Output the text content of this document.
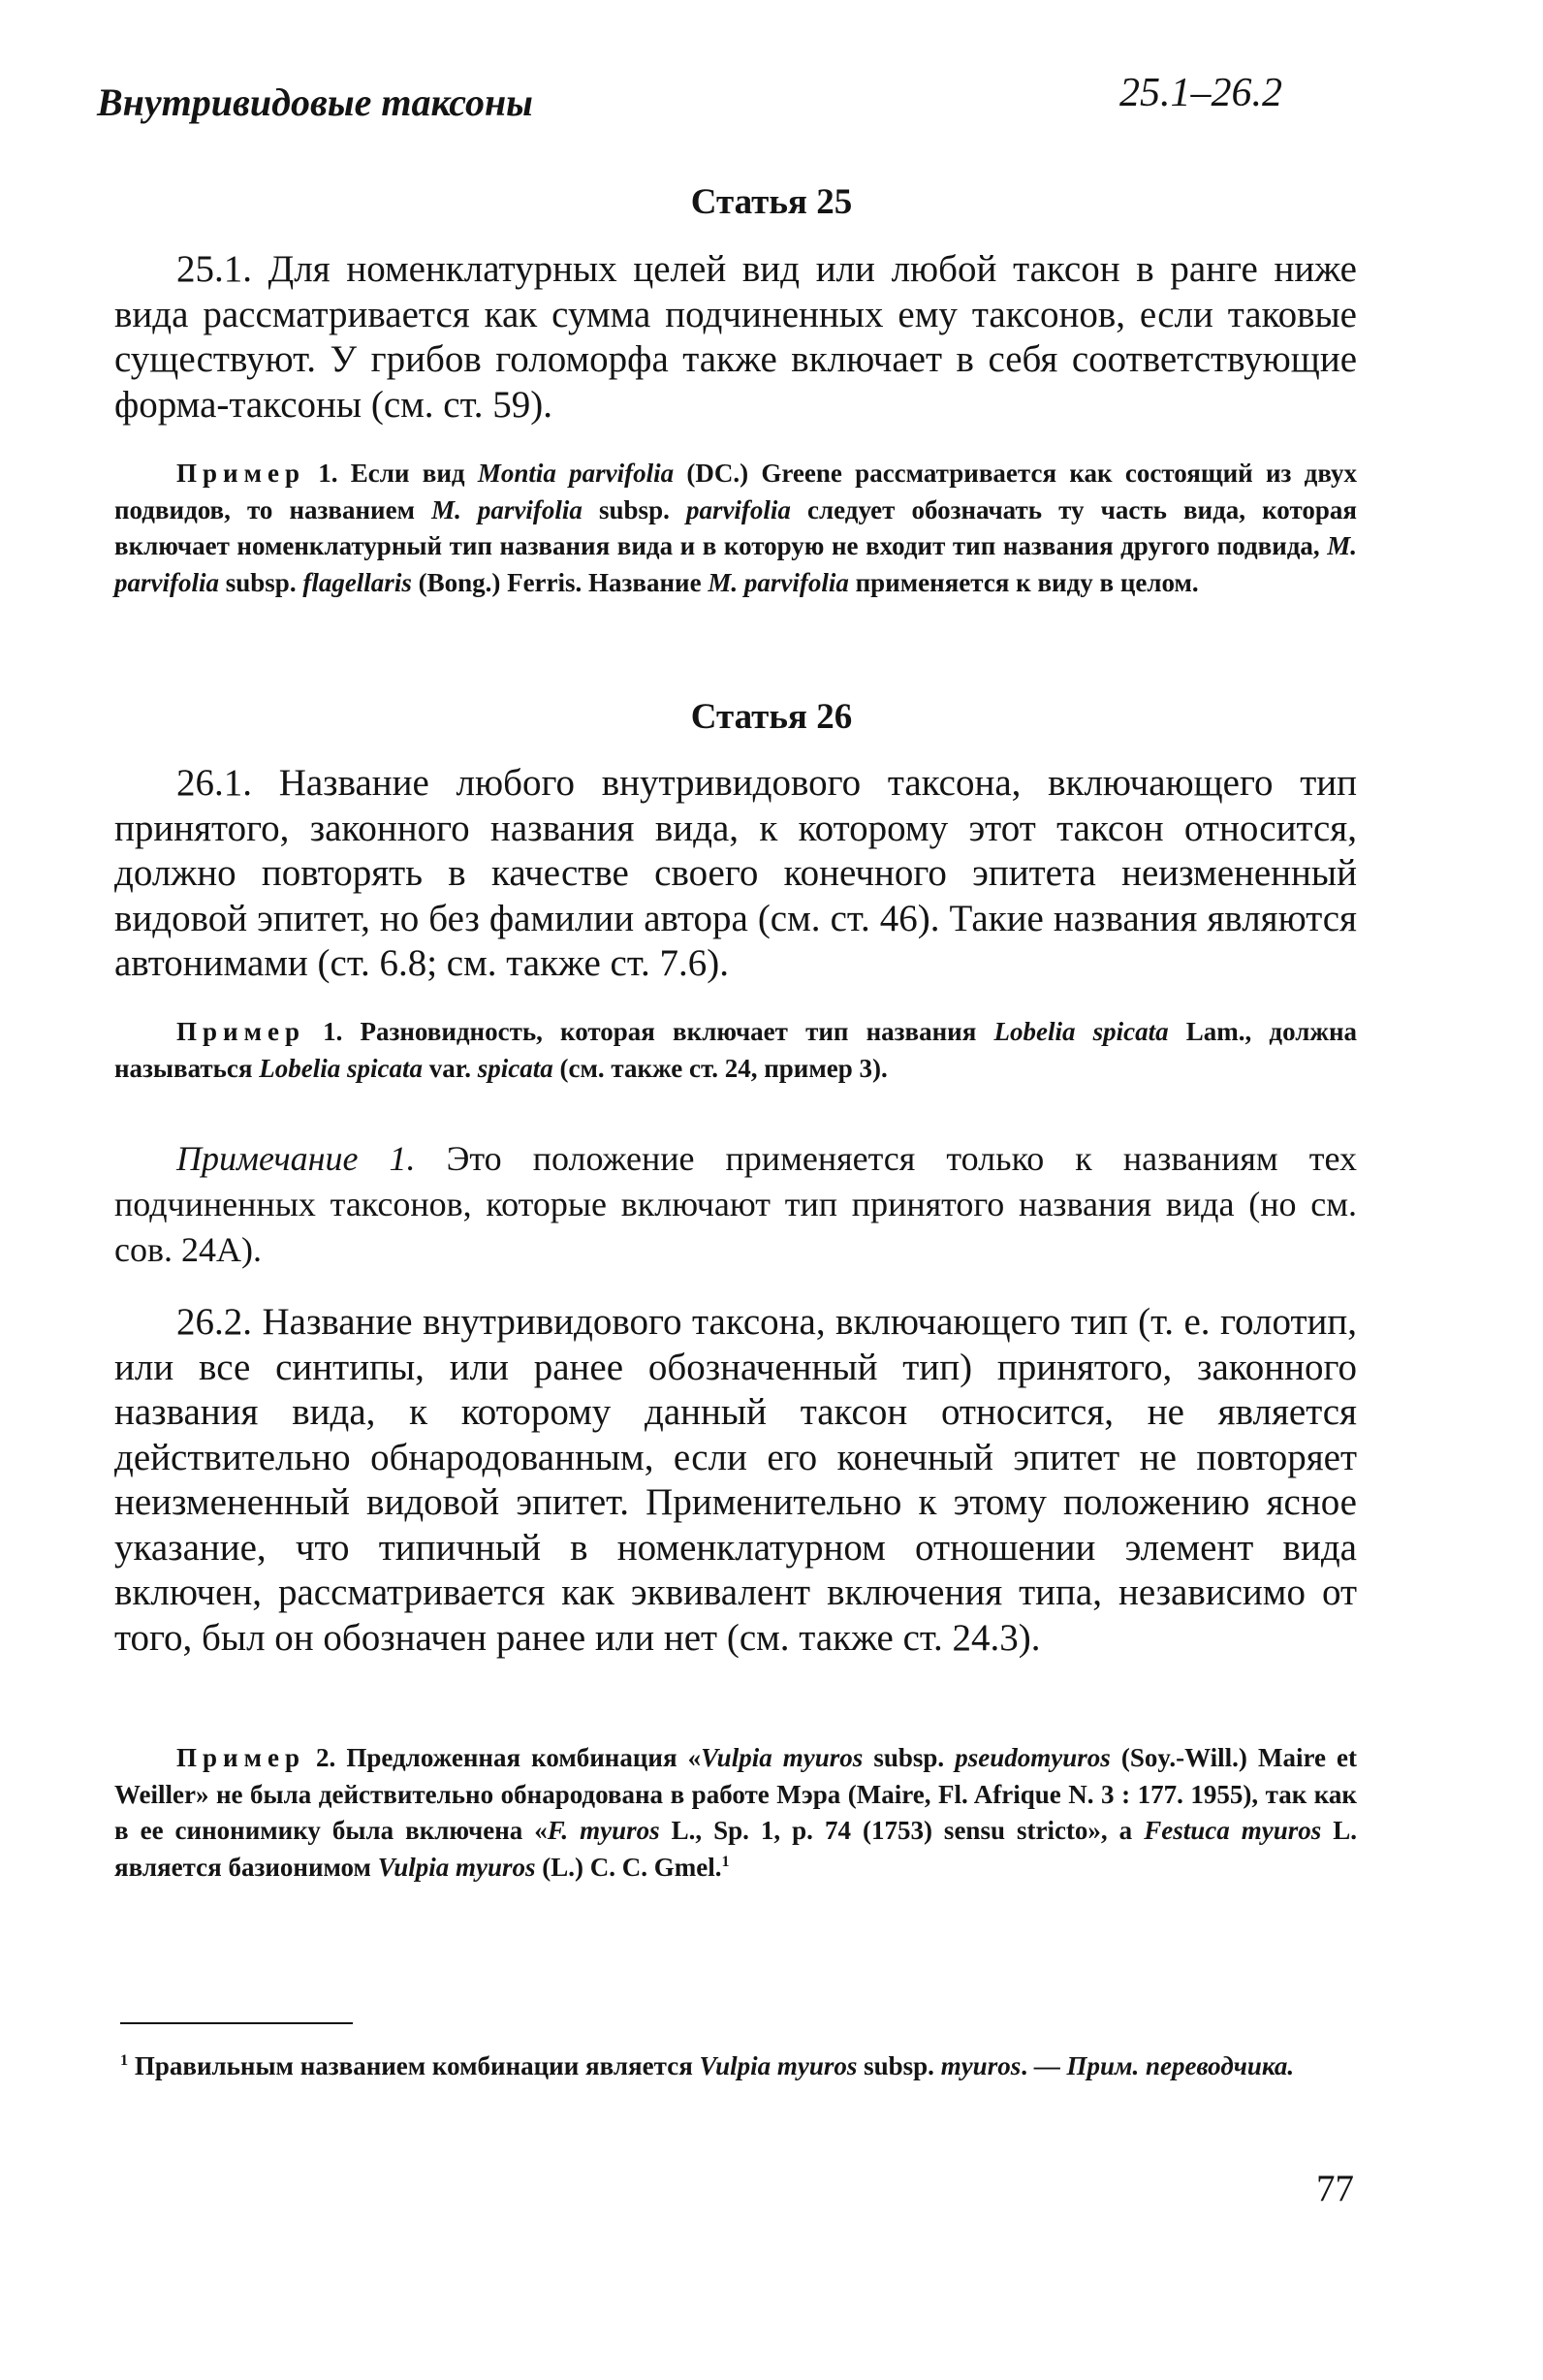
Внутривидовые таксоны	25.1–26.2
Статья 25

25.1. Для номенклатурных целей вид или любой таксон в ранге ниже вида рассматривается как сумма подчиненных ему таксонов, если таковые существуют. У грибов голоморфа также включает в себя соответствующие форма-таксоны (см. ст. 59).

Пример 1. Если вид Montia parvifolia (DC.) Greene рассматривается как состоящий из двух подвидов, то названием M. parvifolia subsp. parvifolia следует обозначать ту часть вида, которая включает номенклатурный тип названия вида и в которую не входит тип названия другого подвида, M. parvifolia subsp. flagellaris (Bong.) Ferris. Название M. parvifolia применяется к виду в целом.

Статья 26

26.1. Название любого внутривидового таксона, включающего тип принятого, законного названия вида, к которому этот таксон относится, должно повторять в качестве своего конечного эпитета неизмененный видовой эпитет, но без фамилии автора (см. ст. 46). Такие названия являются автонимами (ст. 6.8; см. также ст. 7.6).

Пример 1. Разновидность, которая включает тип названия Lobelia spicata Lam., должна называться Lobelia spicata var. spicata (см. также ст. 24, пример 3).

Примечание 1. Это положение применяется только к названиям тех подчиненных таксонов, которые включают тип принятого названия вида (но см. сов. 24А).

26.2. Название внутривидового таксона, включающего тип (т. е. голотип, или все синтипы, или ранее обозначенный тип) принятого, законного названия вида, к которому данный таксон относится, не является действительно обнародованным, если его конечный эпитет не повторяет неизмененный видовой эпитет. Применительно к этому положению ясное указание, что типичный в номенклатурном отношении элемент вида включен, рассматривается как эквивалент включения типа, независимо от того, был он обозначен ранее или нет (см. также ст. 24.3).

Пример 2. Предложенная комбинация «Vulpia myuros subsp. pseudomyuros (Soy.-Will.) Maire et Weiller» не была действительно обнародована в работе Мэра (Maire, Fl. Afrique N. 3 : 177. 1955), так как в ее синонимику была включена «F. myuros L., Sp. 1, p. 74 (1753) sensu stricto», а Festuca myuros L. является базионимом Vulpia myuros (L.) C. C. Gmel.$^1$

$^1$ Правильным названием комбинации является Vulpia myuros subsp. myuros. — Прим. переводчика.

77
